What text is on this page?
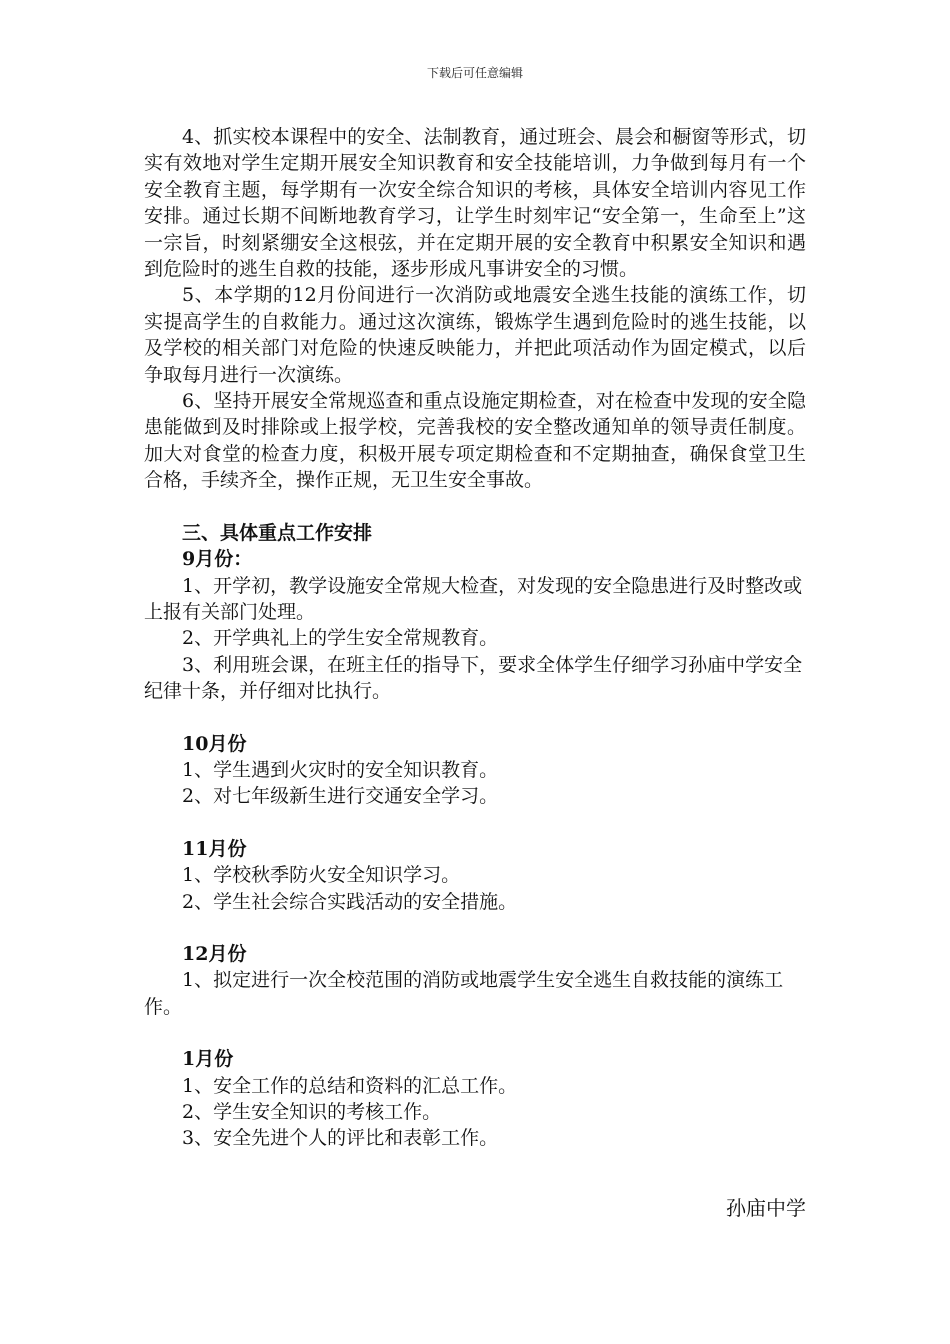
下载后可任意编辑

4、抓实校本课程中的安全、法制教育，通过班会、晨会和橱窗等形式，切实有效地对学生定期开展安全知识教育和安全技能培训，力争做到每月有一个安全教育主题，每学期有一次安全综合知识的考核，具体安全培训内容见工作安排。通过长期不间断地教育学习，让学生时刻牢记“安全第一，生命至上”这一宗旨，时刻紧绷安全这根弦，并在定期开展的安全教育中积累安全知识和遇到危险时的逃生自救的技能，逐步形成凡事讲安全的习惯。

5、本学期的12月份间进行一次消防或地震安全逃生技能的演练工作，切实提高学生的自救能力。通过这次演练，锻炼学生遇到危险时的逃生技能，以及学校的相关部门对危险的快速反映能力，并把此项活动作为固定模式，以后争取每月进行一次演练。

6、坚持开展安全常规巡查和重点设施定期检查，对在检查中发现的安全隐患能做到及时排除或上报学校，完善我校的安全整改通知单的领导责任制度。加大对食堂的检查力度，积极开展专项定期检查和不定期抽查，确保食堂卫生合格，手续齐全，操作正规，无卫生安全事故。

三、具体重点工作安排

9月份：

1、开学初，教学设施安全常规大检查，对发现的安全隐患进行及时整改或上报有关部门处理。

2、开学典礼上的学生安全常规教育。

3、利用班会课，在班主任的指导下，要求全体学生仔细学习孙庙中学安全纪律十条，并仔细对比执行。

10月份

1、学生遇到火灾时的安全知识教育。

2、对七年级新生进行交通安全学习。

11月份

1、学校秋季防火安全知识学习。

2、学生社会综合实践活动的安全措施。

12月份

1、拟定进行一次全校范围的消防或地震学生安全逃生自救技能的演练工作。

1月份

1、安全工作的总结和资料的汇总工作。

2、学生安全知识的考核工作。

3、安全先进个人的评比和表彰工作。

孙庙中学
